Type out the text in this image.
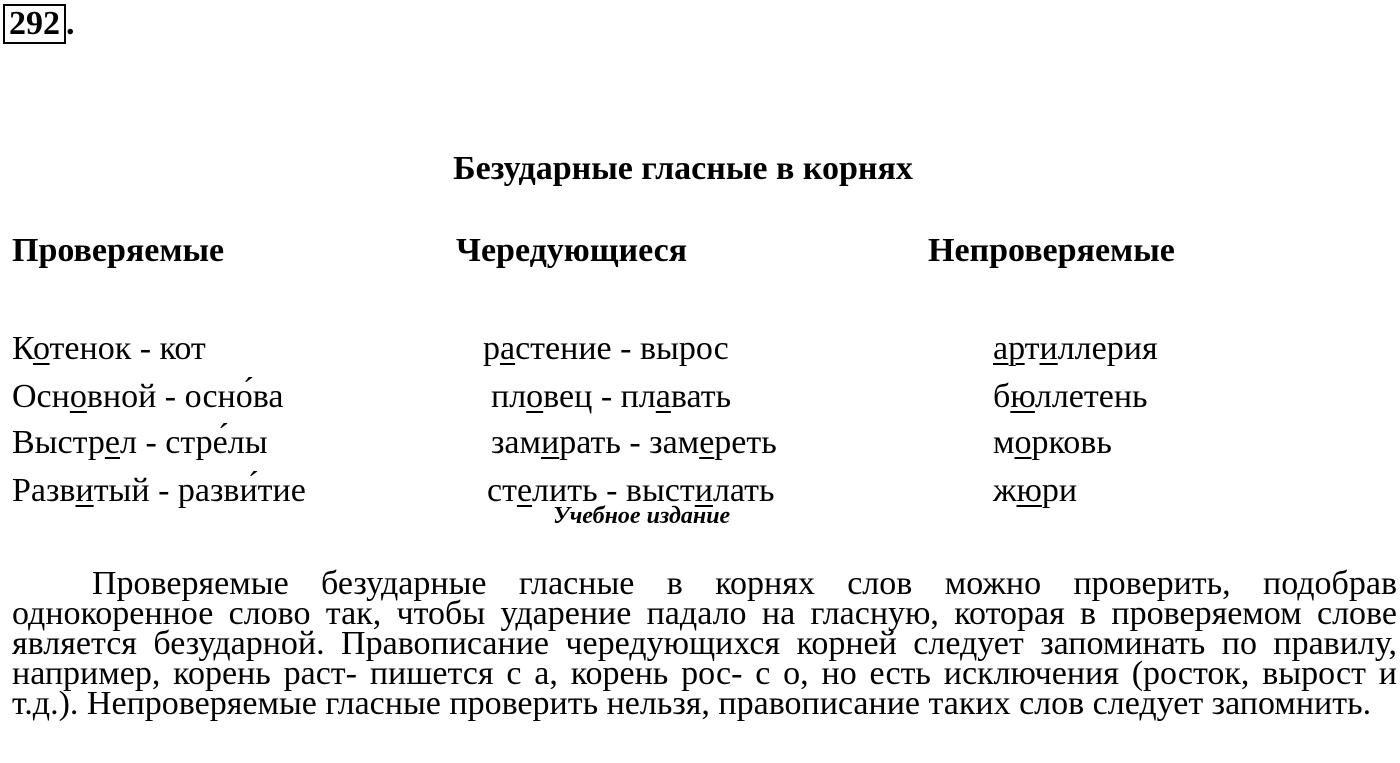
292 .
Безударные гласные в корнях
Проверяемые	Чередующиеся	Непроверяемые
Котенок - кот
Основной - осно́ва
Выстрел - стре́лы
Развитый - разви́тие
растение - вырос
пловец - плавать
замирать - замереть
стелить - выстилать
артиллерия
бюллетень
морковь
жюри
Учебное издание
Проверяемые безударные гласные в корнях слов можно проверить, подобрав однокоренное слово так, чтобы ударение падало на гласную, которая в проверяемом слове является безударной. Правописание чередующихся корней следует запоминать по правилу, например, корень раст- пишется с а, корень рос- с о, но есть исключения (росток, вырост и т.д.). Непроверяемые гласные проверить нельзя, правописание таких слов следует запомнить.
